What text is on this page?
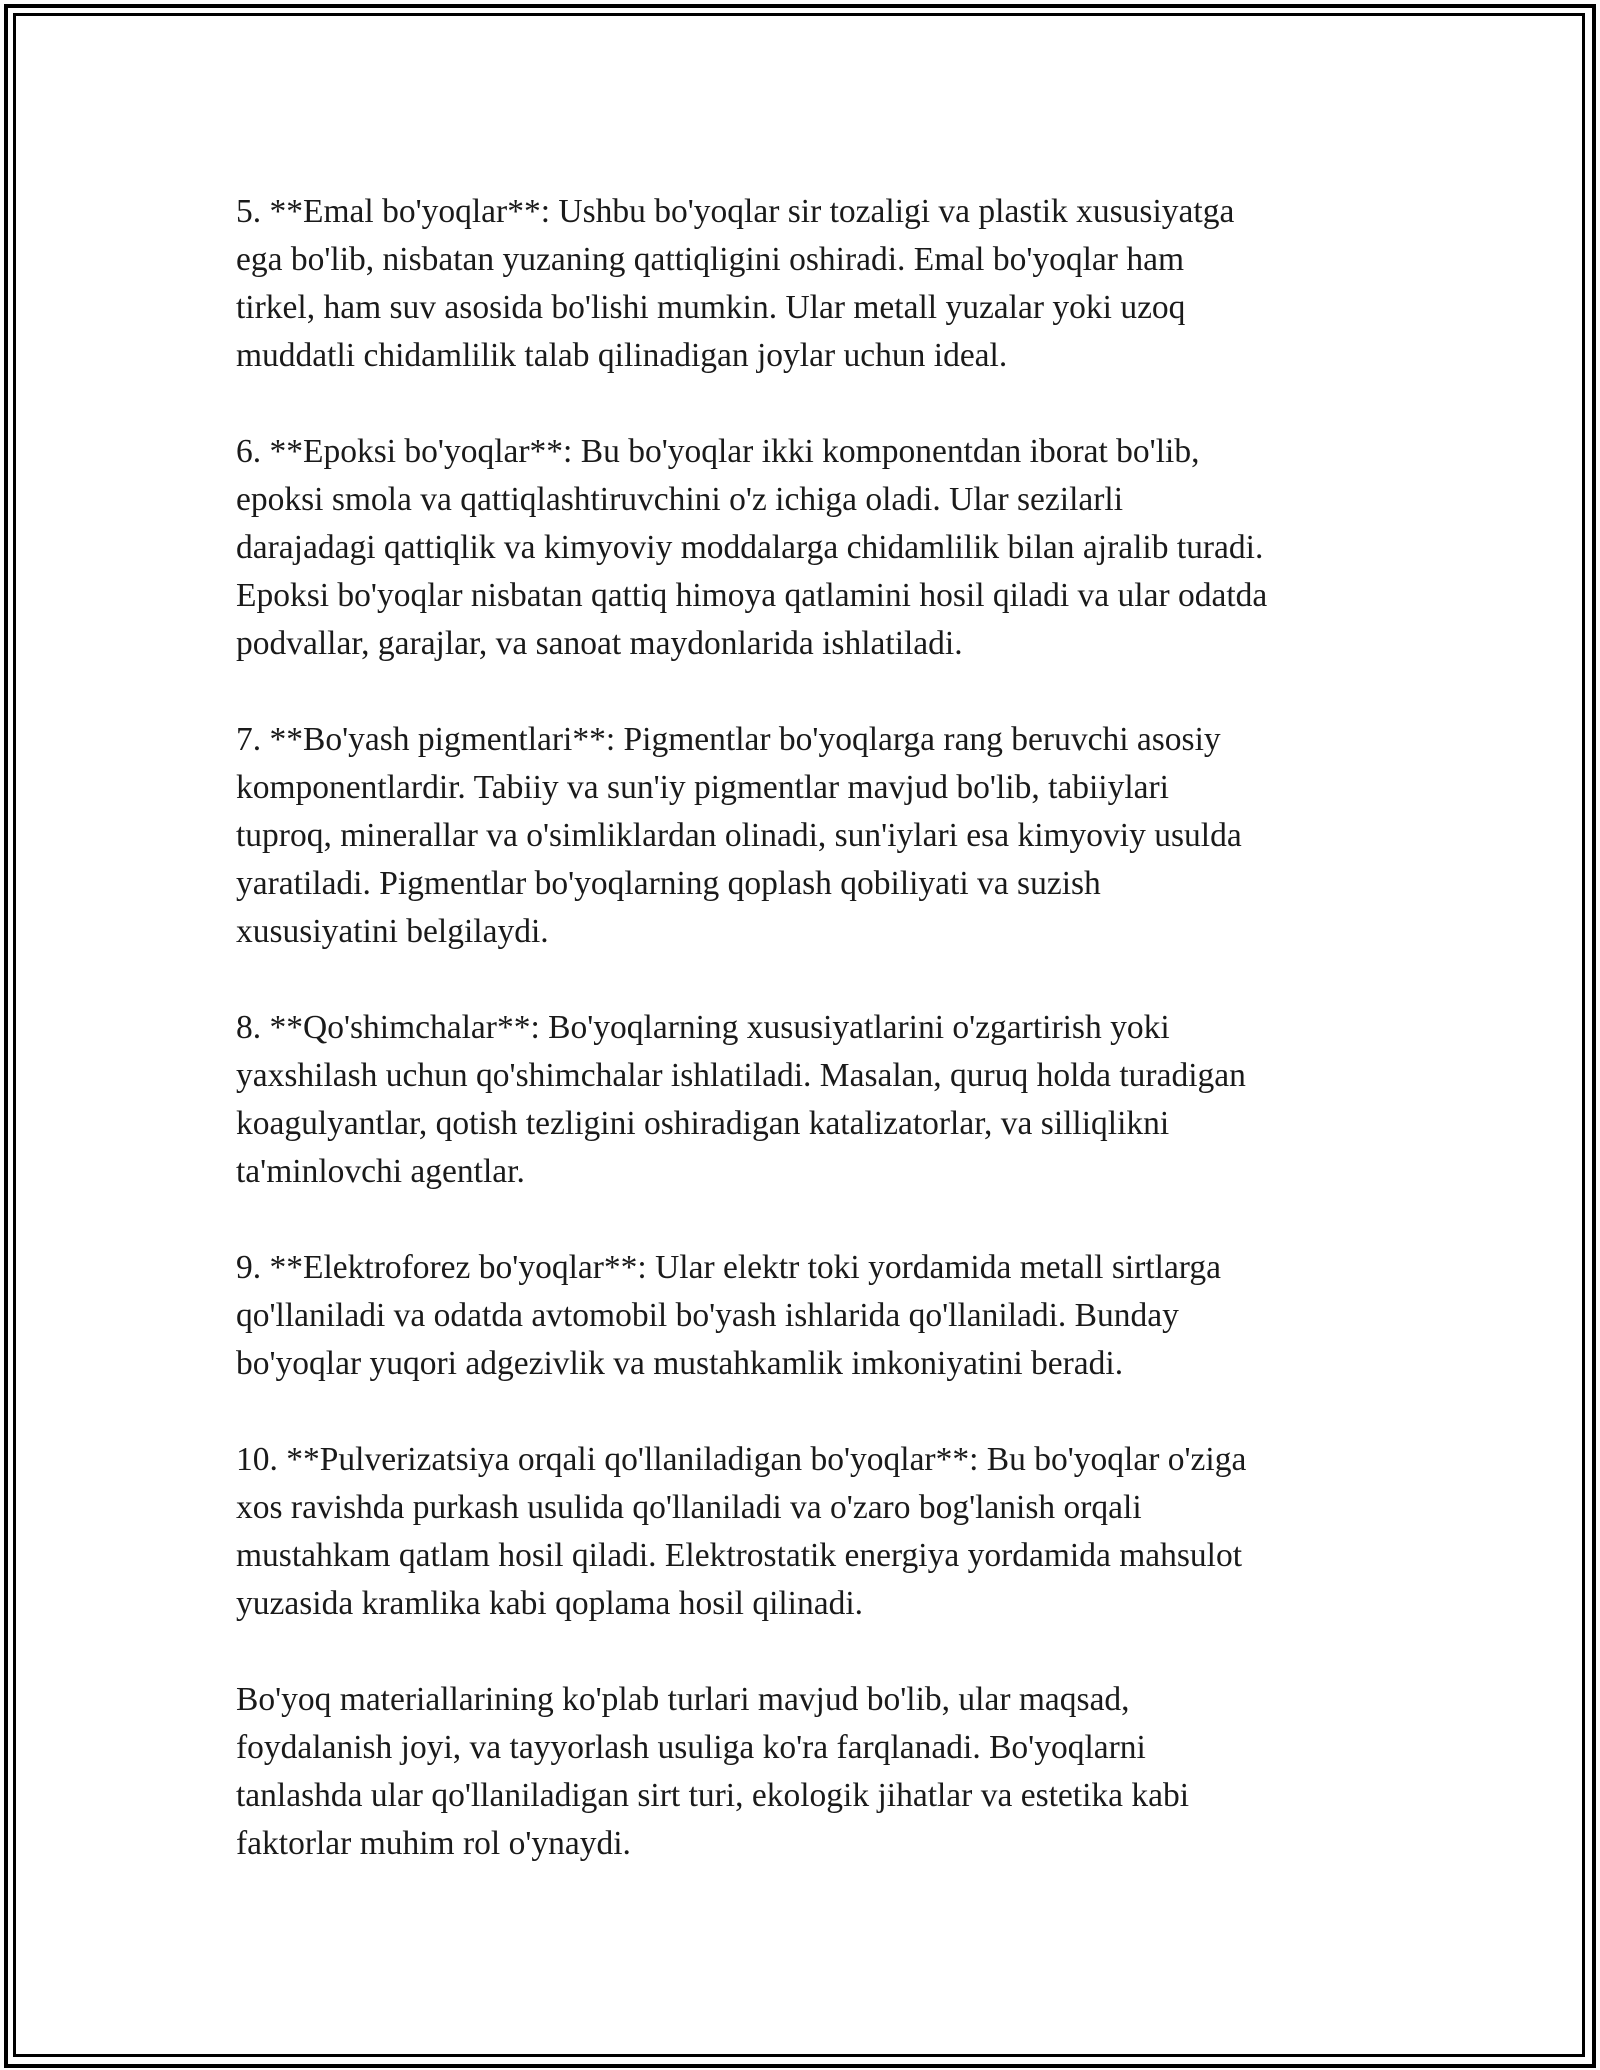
5. **Emal bo'yoqlar**: Ushbu bo'yoqlar sir tozaligi va plastik xususiyatga
ega bo'lib, nisbatan yuzaning qattiqligini oshiradi. Emal bo'yoqlar ham
tirkel, ham suv asosida bo'lishi mumkin. Ular metall yuzalar yoki uzoq
muddatli chidamlilik talab qilinadigan joylar uchun ideal.

6. **Epoksi bo'yoqlar**: Bu bo'yoqlar ikki komponentdan iborat bo'lib,
epoksi smola va qattiqlashtiruvchini o'z ichiga oladi. Ular sezilarli
darajadagi qattiqlik va kimyoviy moddalarga chidamlilik bilan ajralib turadi.
Epoksi bo'yoqlar nisbatan qattiq himoya qatlamini hosil qiladi va ular odatda
podvallar, garajlar, va sanoat maydonlarida ishlatiladi.

7. **Bo'yash pigmentlari**: Pigmentlar bo'yoqlarga rang beruvchi asosiy
komponentlardir. Tabiiy va sun'iy pigmentlar mavjud bo'lib, tabiiylari
tuproq, minerallar va o'simliklardan olinadi, sun'iylari esa kimyoviy usulda
yaratiladi. Pigmentlar bo'yoqlarning qoplash qobiliyati va suzish
xususiyatini belgilaydi.

8. **Qo'shimchalar**: Bo'yoqlarning xususiyatlarini o'zgartirish yoki
yaxshilash uchun qo'shimchalar ishlatiladi. Masalan, quruq holda turadigan
koagulyantlar, qotish tezligini oshiradigan katalizatorlar, va silliqlikni
ta'minlovchi agentlar.

9. **Elektroforez bo'yoqlar**: Ular elektr toki yordamida metall sirtlarga
qo'llaniladi va odatda avtomobil bo'yash ishlarida qo'llaniladi. Bunday
bo'yoqlar yuqori adgezivlik va mustahkamlik imkoniyatini beradi.

10. **Pulverizatsiya orqali qo'llaniladigan bo'yoqlar**: Bu bo'yoqlar o'ziga
xos ravishda purkash usulida qo'llaniladi va o'zaro bog'lanish orqali
mustahkam qatlam hosil qiladi. Elektrostatik energiya yordamida mahsulot
yuzasida kramlika kabi qoplama hosil qilinadi.

Bo'yoq materiallarining ko'plab turlari mavjud bo'lib, ular maqsad,
foydalanish joyi, va tayyorlash usuliga ko'ra farqlanadi. Bo'yoqlarni
tanlashda ular qo'llaniladigan sirt turi, ekologik jihatlar va estetika kabi
faktorlar muhim rol o'ynaydi.
